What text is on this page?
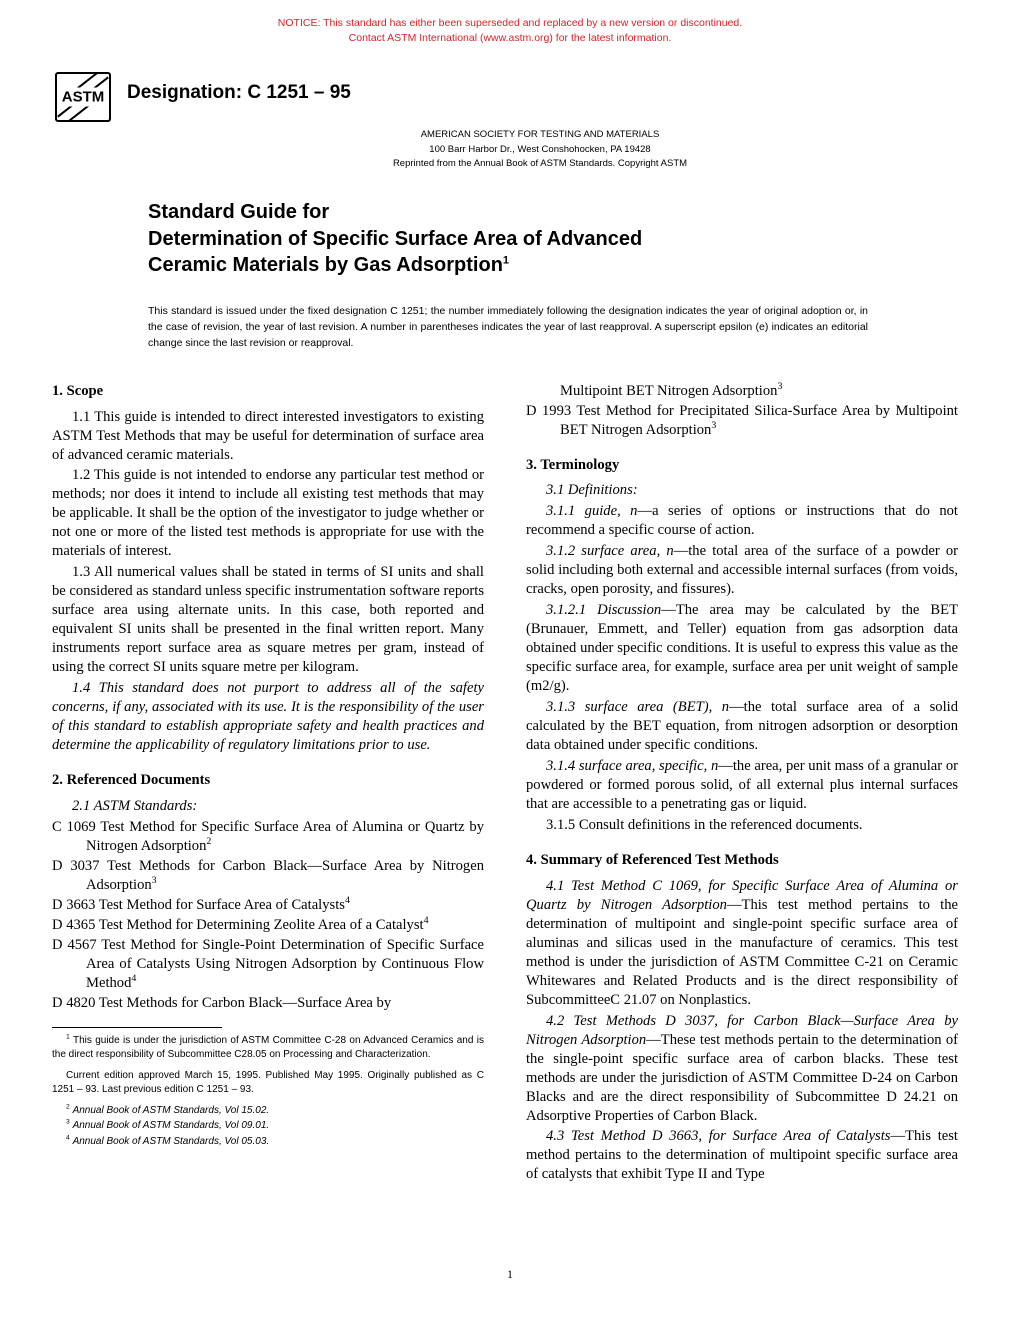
NOTICE: This standard has either been superseded and replaced by a new version or discontinued.
Contact ASTM International (www.astm.org) for the latest information.
ASTM Designation: C 1251 – 95
AMERICAN SOCIETY FOR TESTING AND MATERIALS
100 Barr Harbor Dr., West Conshohocken, PA 19428
Reprinted from the Annual Book of ASTM Standards. Copyright ASTM
Standard Guide for
Determination of Specific Surface Area of Advanced
Ceramic Materials by Gas Adsorption$^1$
This standard is issued under the fixed designation C 1251; the number immediately following the designation indicates the year of original adoption or, in the case of revision, the year of last revision. A number in parentheses indicates the year of last reapproval. A superscript epsilon (e) indicates an editorial change since the last revision or reapproval.
1. Scope

1.1 This guide is intended to direct interested investigators to existing ASTM Test Methods that may be useful for determination of surface area of advanced ceramic materials.

1.2 This guide is not intended to endorse any particular test method or methods; nor does it intend to include all existing test methods that may be applicable. It shall be the option of the investigator to judge whether or not one or more of the listed test methods is appropriate for use with the materials of interest.

1.3 All numerical values shall be stated in terms of SI units and shall be considered as standard unless specific instrumentation software reports surface area using alternate units. In this case, both reported and equivalent SI units shall be presented in the final written report. Many instruments report surface area as square metres per gram, instead of using the correct SI units square metre per kilogram.

1.4 This standard does not purport to address all of the safety concerns, if any, associated with its use. It is the responsibility of the user of this standard to establish appropriate safety and health practices and determine the applicability of regulatory limitations prior to use.

2. Referenced Documents

2.1 ASTM Standards:

C 1069 Test Method for Specific Surface Area of Alumina or Quartz by Nitrogen Adsorption$^2$
D 3037 Test Methods for Carbon Black—Surface Area by Nitrogen Adsorption$^3$
D 3663 Test Method for Surface Area of Catalysts$^4$
D 4365 Test Method for Determining Zeolite Area of a Catalyst$^4$
D 4567 Test Method for Single-Point Determination of Specific Surface Area of Catalysts Using Nitrogen Adsorption by Continuous Flow Method$^4$
D 4820 Test Methods for Carbon Black—Surface Area by

$^1$ This guide is under the jurisdiction of ASTM Committee C-28 on Advanced Ceramics and is the direct responsibility of Subcommittee C28.05 on Processing and Characterization.

Current edition approved March 15, 1995. Published May 1995. Originally published as C 1251 – 93. Last previous edition C 1251 – 93.

$^2$ Annual Book of ASTM Standards, Vol 15.02.

$^3$ Annual Book of ASTM Standards, Vol 09.01.

$^4$ Annual Book of ASTM Standards, Vol 05.03.

Multipoint BET Nitrogen Adsorption$^3$
D 1993 Test Method for Precipitated Silica-Surface Area by Multipoint BET Nitrogen Adsorption$^3$
3. Terminology

3.1 Definitions:

3.1.1 guide, n—a series of options or instructions that do not recommend a specific course of action.

3.1.2 surface area, n—the total area of the surface of a powder or solid including both external and accessible internal surfaces (from voids, cracks, open porosity, and fissures).

3.1.2.1 Discussion—The area may be calculated by the BET (Brunauer, Emmett, and Teller) equation from gas adsorption data obtained under specific conditions. It is useful to express this value as the specific surface area, for example, surface area per unit weight of sample (m2/g).

3.1.3 surface area (BET), n—the total surface area of a solid calculated by the BET equation, from nitrogen adsorption or desorption data obtained under specific conditions.

3.1.4 surface area, specific, n—the area, per unit mass of a granular or powdered or formed porous solid, of all external plus internal surfaces that are accessible to a penetrating gas or liquid.

3.1.5 Consult definitions in the referenced documents.

4. Summary of Referenced Test Methods

4.1 Test Method C 1069, for Specific Surface Area of Alumina or Quartz by Nitrogen Adsorption—This test method pertains to the determination of multipoint and single-point specific surface area of aluminas and silicas used in the manufacture of ceramics. This test method is under the jurisdiction of ASTM Committee C-21 on Ceramic Whitewares and Related Products and is the direct responsibility of SubcommitteeC 21.07 on Nonplastics.

4.2 Test Methods D 3037, for Carbon Black—Surface Area by Nitrogen Adsorption—These test methods pertain to the determination of the single-point specific surface area of carbon blacks. These test methods are under the jurisdiction of ASTM Committee D-24 on Carbon Blacks and are the direct responsibility of Subcommittee D 24.21 on Adsorptive Properties of Carbon Black.

4.3 Test Method D 3663, for Surface Area of Catalysts—This test method pertains to the determination of multipoint specific surface area of catalysts that exhibit Type II and Type

1
